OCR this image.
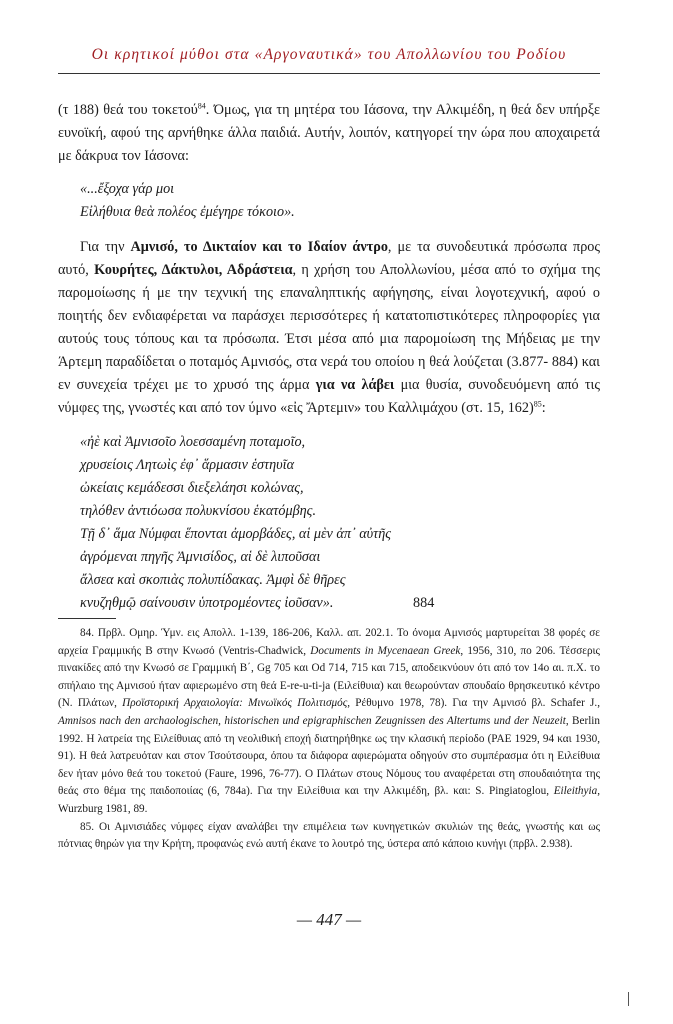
Οι κρητικοί μύθοι στα «Αργοναυτικά» του Απολλωνίου του Ροδίου

(τ 188) θεά του τοκετού$^{84}$. Όμως, για τη μητέρα του Ιάσονα, την Αλκιμέδη, η θεά δεν υπήρξε ευνοϊκή, αφού της αρνήθηκε άλλα παιδιά. Αυτήν, λοιπόν, κατηγορεί την ώρα που αποχαιρετά με δάκρυα τον Ιάσονα:

«...ἔξοχα γάρ μοι
Εἰλήθυια θεὰ πολέος ἐμέγηρε τόκοιο».

Για την Αμνισό, το Δικταίον και το Ιδαίον άντρο, με τα συνοδευτικά πρόσωπα προς αυτό, Κουρήτες, Δάκτυλοι, Αδράστεια, η χρήση του Απολλωνίου, μέσα από το σχήμα της παρομοίωσης ή με την τεχνική της επαναληπτικής αφήγησης, είναι λογοτεχνική, αφού ο ποιητής δεν ενδιαφέρεται να παράσχει περισσότερες ή κατατοπιστικότερες πληροφορίες για αυτούς τους τόπους και τα πρόσωπα. Έτσι μέσα από μια παρομοίωση της Μήδειας με την Άρτεμη παραδίδεται ο ποταμός Αμνισός, στα νερά του οποίου η θεά λούζεται (3.877- 884) και εν συνεχεία τρέχει με το χρυσό της άρμα για να λάβει μια θυσία, συνοδευόμενη από τις νύμφες της, γνωστές και από τον ύμνο «εἰς Ἄρτεμιν» του Καλλιμάχου (στ. 15, 162)$^{85}$:

«ἠὲ καὶ Ἀμνισοῖο λοεσσαμένη ποταμοῖο,
χρυσείοις Λητωὶς ἐφ᾽ ἅρμασιν ἑστηυῖα
ὠκείαις κεμάδεσσι διεξελάησι κολώνας,
τηλόθεν ἀντιόωσα πολυκνίσου ἑκατόμβης.
Τῇ δ᾽ ἅμα Νύμφαι ἕπονται ἀμορβάδες, αἱ μὲν ἀπ᾽ αὐτῆς
ἀγρόμεναι πηγῆς Ἀμνισίδος, αἱ δὲ λιποῦσαι
ἄλσεα καὶ σκοπιὰς πολυπίδακας. Ἀμφὶ δὲ θῆρες
κνυζηθμῷ σαίνουσιν ὑποτρομέοντες ἰοῦσαν».	884

84. Πρβλ. Ομηρ. Ύμν. εις Απολλ. 1-139, 186-206, Καλλ. απ. 202.1. Το όνομα Αμνισός μαρτυρείται 38 φορές σε αρχεία Γραμμικής Β στην Κνωσό (Ventris-Chadwick, Documents in Mycenaean Greek, 1956, 310, πο 206. Τέσσερις πινακίδες από την Κνωσό σε Γραμμική Β΄, Gg 705 και Od 714, 715 και 715, αποδεικνύουν ότι από τον 14ο αι. π.Χ. το σπήλαιο της Αμνισού ήταν αφιερωμένο στη θεά E-re-u-ti-ja (Ειλείθυια) και θεωρούνταν σπουδαίο θρησκευτικό κέντρο (Ν. Πλάτων, Προϊστορική Αρχαιολογία: Μινωϊκός Πολιτισμός, Ρέθυμνο 1978, 78). Για την Αμνισό βλ. Schafer J., Amnisos nach den archaologischen, historischen und epigraphischen Zeugnissen des Altertums und der Neuzeit, Berlin 1992. Η λατρεία της Ειλείθυιας από τη νεολιθική εποχή διατηρήθηκε ως την κλασική περίοδο (PAE 1929, 94 και 1930, 91). Η θεά λατρευόταν και στον Τσούτσουρα, όπου τα διάφορα αφιερώματα οδηγούν στο συμπέρασμα ότι η Ειλείθυια δεν ήταν μόνο θεά του τοκετού (Faure, 1996, 76-77). Ο Πλάτων στους Νόμους του αναφέρεται στη σπουδαιότητα της θεάς στο θέμα της παιδοποιίας (6, 784a). Για την Ειλείθυια και την Αλκιμέδη, βλ. και: S. Pingiatoglou, Eileithyia, Wurzburg 1981, 89.

85. Οι Αμνισιάδες νύμφες είχαν αναλάβει την επιμέλεια των κυνηγετικών σκυλιών της θεάς, γνωστής και ως πότνιας θηρών για την Κρήτη, προφανώς ενώ αυτή έκανε το λουτρό της, ύστερα από κάποιο κυνήγι (πρβλ. 2.938).

— 447 —
